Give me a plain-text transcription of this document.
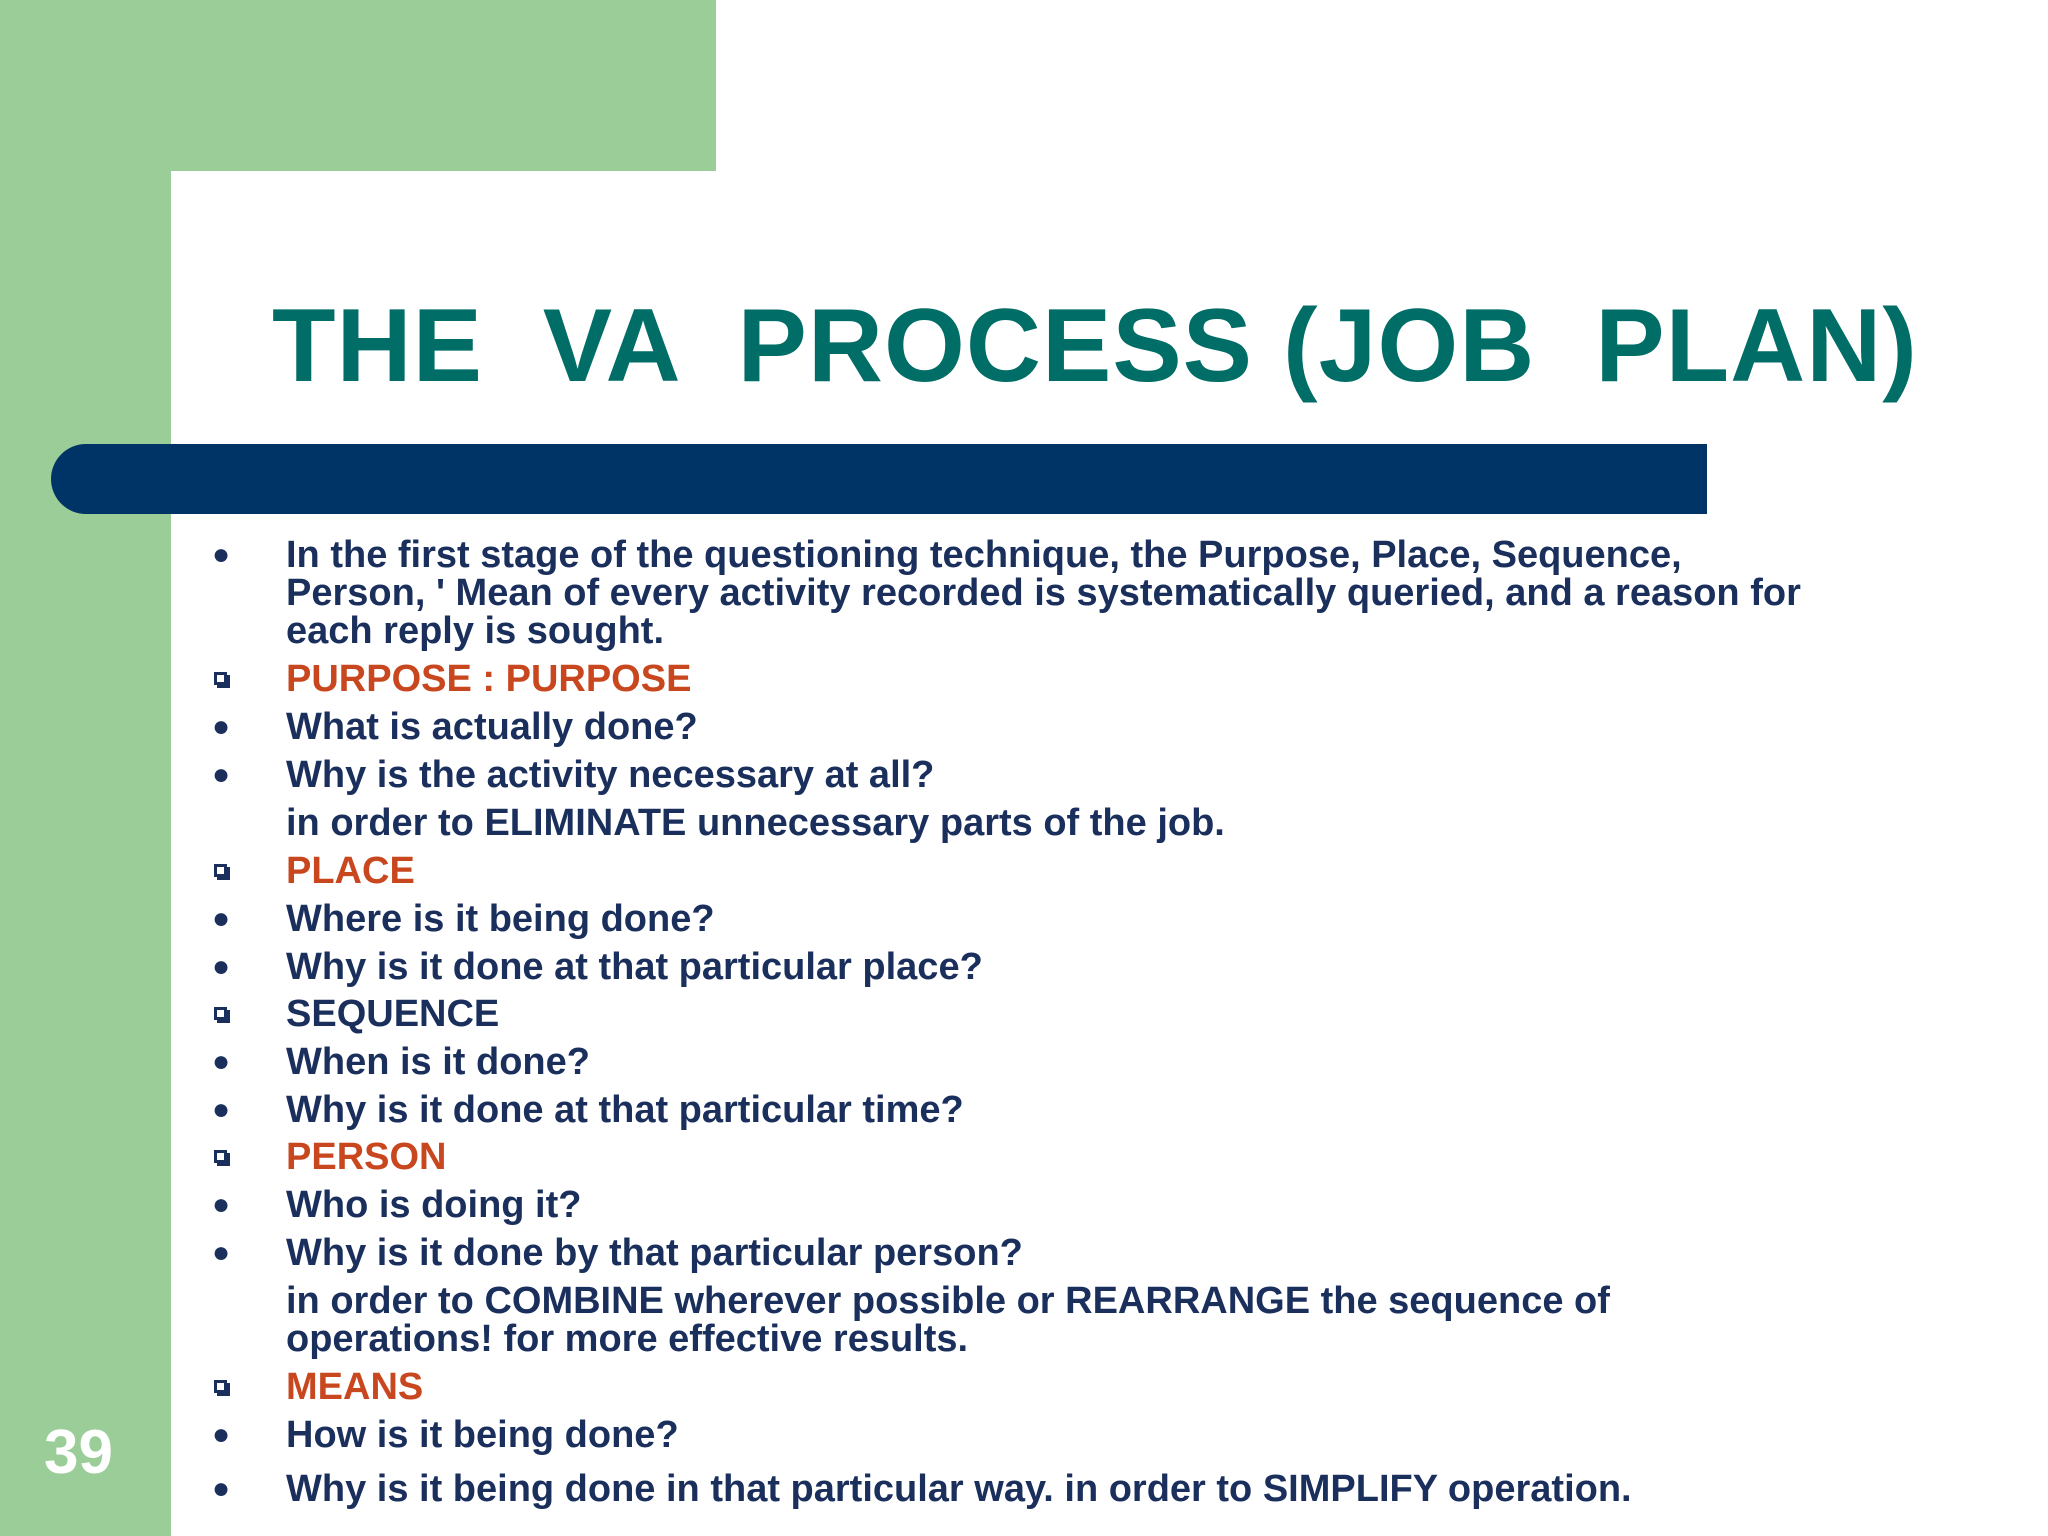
THE  VA  PROCESS (JOB  PLAN)
● In the first stage of the questioning technique, the Purpose, Place, Sequence,
Person, ' Mean of every activity recorded is systematically queried, and a reason for
each reply is sought.
PURPOSE : PURPOSE
● What is actually done?
● Why is the activity necessary at all?
in order to ELIMINATE unnecessary parts of the job.
PLACE
● Where is it being done?
● Why is it done at that particular place?
SEQUENCE
● When is it done?
● Why is it done at that particular time?
PERSON
● Who is doing it?
● Why is it done by that particular person?
in order to COMBINE wherever possible or REARRANGE the sequence of
operations! for more effective results.
MEANS
● How is it being done?
● Why is it being done in that particular way. in order to SIMPLIFY operation.
39
